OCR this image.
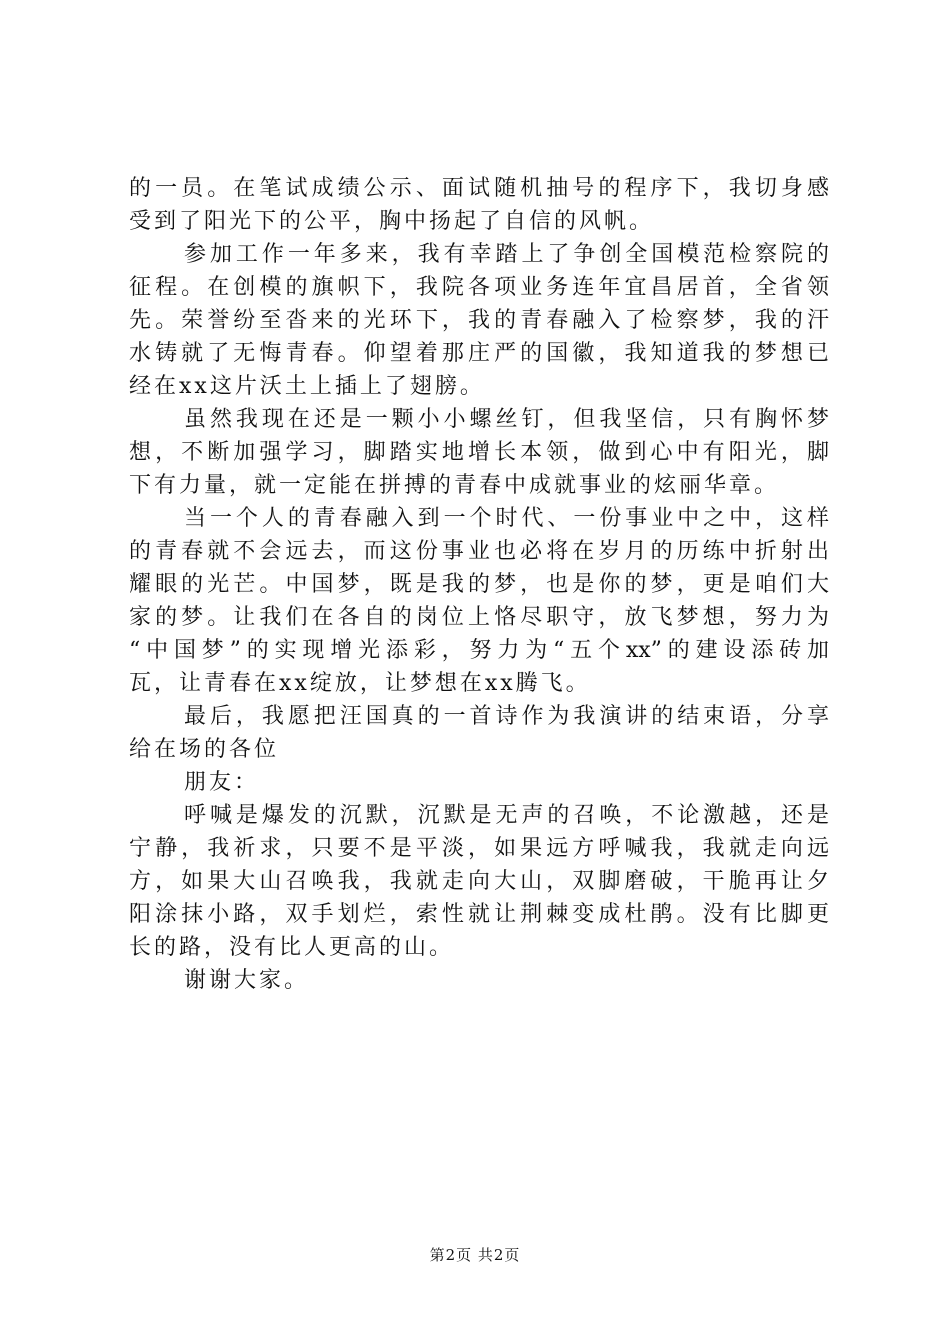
的一员。在笔试成绩公示、面试随机抽号的程序下，我切身感
受到了阳光下的公平，胸中扬起了自信的风帆。
参加工作一年多来，我有幸踏上了争创全国模范检察院的
征程。在创模的旗帜下，我院各项业务连年宜昌居首，全省领
先。荣誉纷至沓来的光环下，我的青春融入了检察梦，我的汗
水铸就了无悔青春。仰望着那庄严的国徽，我知道我的梦想已
经在xx这片沃土上插上了翅膀。
虽然我现在还是一颗小小螺丝钉，但我坚信，只有胸怀梦
想，不断加强学习，脚踏实地增长本领，做到心中有阳光，脚
下有力量，就一定能在拼搏的青春中成就事业的炫丽华章。
当一个人的青春融入到一个时代、一份事业中之中，这样
的青春就不会远去，而这份事业也必将在岁月的历练中折射出
耀眼的光芒。中国梦，既是我的梦，也是你的梦，更是咱们大
家的梦。让我们在各自的岗位上恪尽职守，放飞梦想，努力为
“中国梦”的实现增光添彩，努力为“五个xx”的建设添砖加
瓦，让青春在xx绽放，让梦想在xx腾飞。
最后，我愿把汪国真的一首诗作为我演讲的结束语，分享
给在场的各位
朋友：
呼喊是爆发的沉默，沉默是无声的召唤，不论激越，还是
宁静，我祈求，只要不是平淡，如果远方呼喊我，我就走向远
方，如果大山召唤我，我就走向大山，双脚磨破，干脆再让夕
阳涂抹小路，双手划烂，索性就让荆棘变成杜鹃。没有比脚更
长的路，没有比人更高的山。
谢谢大家。
第2页 共2页
